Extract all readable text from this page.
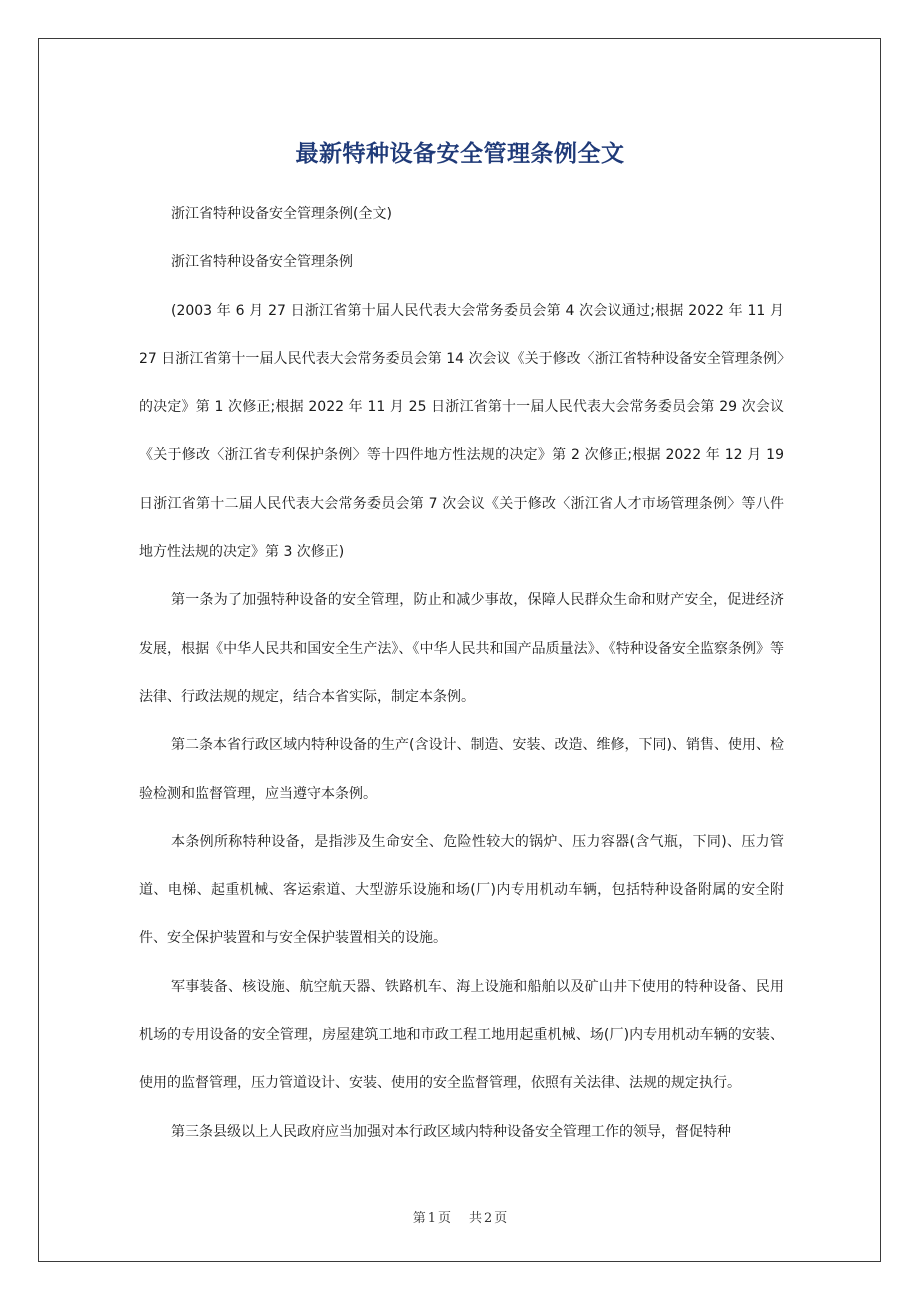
最新特种设备安全管理条例全文

浙江省特种设备安全管理条例(全文)

浙江省特种设备安全管理条例

(2003 年 6 月 27 日浙江省第十届人民代表大会常务委员会第 4 次会议通过;根据 2022 年 11 月 27 日浙江省第十一届人民代表大会常务委员会第 14 次会议《关于修改〈浙江省特种设备安全管理条例〉的决定》第 1 次修正;根据 2022 年 11 月 25 日浙江省第十一届人民代表大会常务委员会第 29 次会议《关于修改〈浙江省专利保护条例〉等十四件地方性法规的决定》第 2 次修正;根据 2022 年 12 月 19 日浙江省第十二届人民代表大会常务委员会第 7 次会议《关于修改〈浙江省人才市场管理条例〉等八件地方性法规的决定》第 3 次修正)

第一条为了加强特种设备的安全管理，防止和减少事故，保障人民群众生命和财产安全，促进经济发展，根据《中华人民共和国安全生产法》、《中华人民共和国产品质量法》、《特种设备安全监察条例》等法律、行政法规的规定，结合本省实际，制定本条例。

第二条本省行政区域内特种设备的生产(含设计、制造、安装、改造、维修，下同)、销售、使用、检验检测和监督管理，应当遵守本条例。

本条例所称特种设备，是指涉及生命安全、危险性较大的锅炉、压力容器(含气瓶，下同)、压力管道、电梯、起重机械、客运索道、大型游乐设施和场(厂)内专用机动车辆，包括特种设备附属的安全附件、安全保护装置和与安全保护装置相关的设施。

军事装备、核设施、航空航天器、铁路机车、海上设施和船舶以及矿山井下使用的特种设备、民用机场的专用设备的安全管理，房屋建筑工地和市政工程工地用起重机械、场(厂)内专用机动车辆的安装、使用的监督管理，压力管道设计、安装、使用的安全监督管理，依照有关法律、法规的规定执行。

第三条县级以上人民政府应当加强对本行政区域内特种设备安全管理工作的领导，督促特种

第 1 页 共 2 页
